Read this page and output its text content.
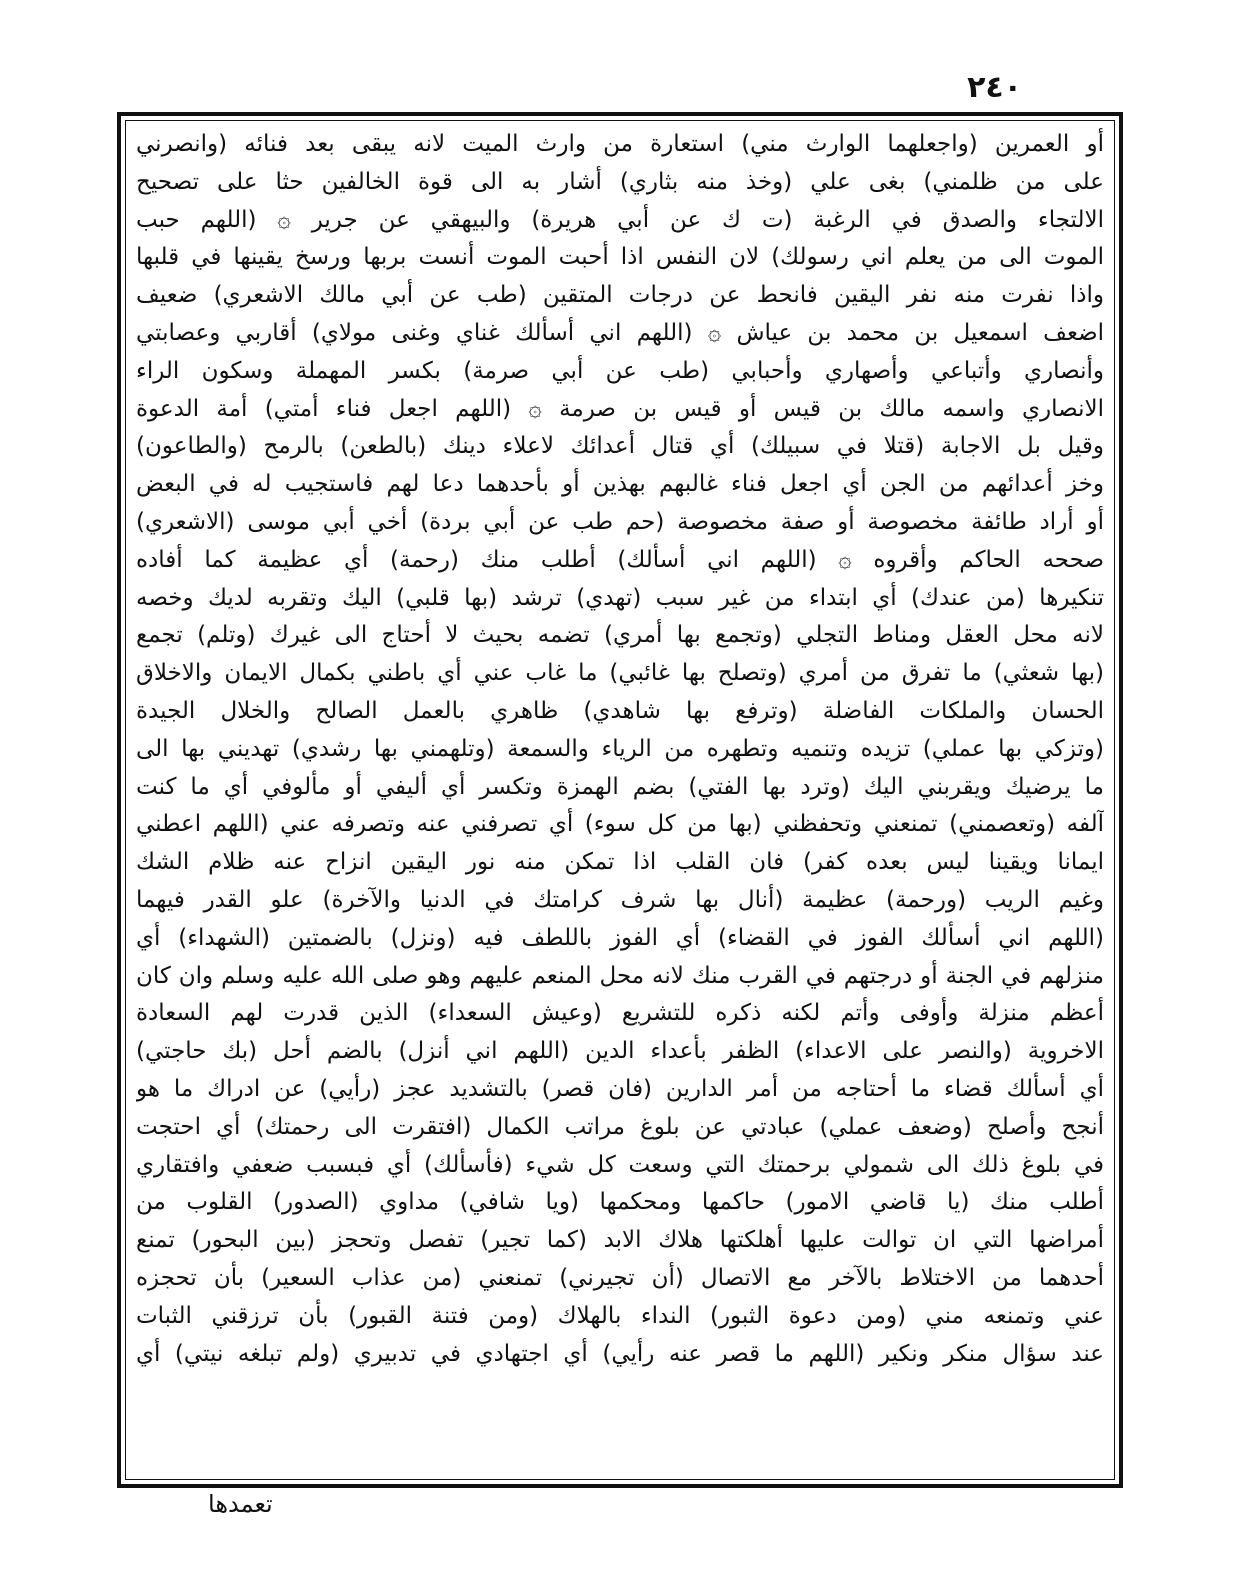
٢٤٠
أو العمرين (واجعلهما الوارث مني) استعارة من وارث الميت لانه يبقى بعد فنائه (وانصرني
على من ظلمني) بغى علي (وخذ منه بثاري) أشار به الى قوة الخالفين حثا على تصحيح
الالتجاء والصدق في الرغبة (ت ك عن أبي هريرة) والبيهقي عن جرير ۞ (اللهم حبب
الموت الى من يعلم اني رسولك) لان النفس اذا أحبت الموت أنست بربها ورسخ يقينها في قلبها
واذا نفرت منه نفر اليقين فانحط عن درجات المتقين (طب عن أبي مالك الاشعري) ضعيف
اضعف اسمعيل بن محمد بن عياش ۞ (اللهم اني أسألك غناي وغنى مولاي) أقاربي وعصابتي
وأنصاري وأتباعي وأصهاري وأحبابي (طب عن أبي صرمة) بكسر المهملة وسكون الراء
الانصاري واسمه مالك بن قيس أو قيس بن صرمة ۞ (اللهم اجعل فناء أمتي) أمة الدعوة
وقيل بل الاجابة (قتلا في سبيلك) أي قتال أعدائك لاعلاء دينك (بالطعن) بالرمح (والطاعون)
وخز أعدائهم من الجن أي اجعل فناء غالبهم بهذين أو بأحدهما دعا لهم فاستجيب له في البعض
أو أراد طائفة مخصوصة أو صفة مخصوصة (حم طب عن أبي بردة) أخي أبي موسى (الاشعري)
صححه الحاكم وأقروه ۞ (اللهم اني أسألك) أطلب منك (رحمة) أي عظيمة كما أفاده
تنكيرها (من عندك) أي ابتداء من غير سبب (تهدي) ترشد (بها قلبي) اليك وتقربه لديك وخصه
لانه محل العقل ومناط التجلي (وتجمع بها أمري) تضمه بحيث لا أحتاج الى غيرك (وتلم) تجمع
(بها شعثي) ما تفرق من أمري (وتصلح بها غائبي) ما غاب عني أي باطني بكمال الايمان والاخلاق
الحسان والملكات الفاضلة (وترفع بها شاهدي) ظاهري بالعمل الصالح والخلال الجيدة
(وتزكي بها عملي) تزيده وتنميه وتطهره من الرياء والسمعة (وتلهمني بها رشدي) تهديني بها الى
ما يرضيك ويقربني اليك (وترد بها الفتي) بضم الهمزة وتكسر أي أليفي أو مألوفي أي ما كنت
آلفه (وتعصمني) تمنعني وتحفظني (بها من كل سوء) أي تصرفني عنه وتصرفه عني (اللهم اعطني
ايمانا ويقينا ليس بعده كفر) فان القلب اذا تمكن منه نور اليقين انزاح عنه ظلام الشك
وغيم الريب (ورحمة) عظيمة (أنال بها شرف كرامتك في الدنيا والآخرة) علو القدر فيهما
(اللهم اني أسألك الفوز في القضاء) أي الفوز باللطف فيه (ونزل) بالضمتين (الشهداء) أي
منزلهم في الجنة أو درجتهم في القرب منك لانه محل المنعم عليهم وهو صلى الله عليه وسلم وان كان
أعظم منزلة وأوفى وأتم لكنه ذكره للتشريع (وعيش السعداء) الذين قدرت لهم السعادة
الاخروية (والنصر على الاعداء) الظفر بأعداء الدين (اللهم اني أنزل) بالضم أحل (بك حاجتي)
أي أسألك قضاء ما أحتاجه من أمر الدارين (فان قصر) بالتشديد عجز (رأيي) عن ادراك ما هو
أنجح وأصلح (وضعف عملي) عبادتي عن بلوغ مراتب الكمال (افتقرت الى رحمتك) أي احتجت
في بلوغ ذلك الى شمولي برحمتك التي وسعت كل شيء (فأسألك) أي فبسبب ضعفي وافتقاري
أطلب منك (يا قاضي الامور) حاكمها ومحكمها (ويا شافي) مداوي (الصدور) القلوب من
أمراضها التي ان توالت عليها أهلكتها هلاك الابد (كما تجير) تفصل وتحجز (بين البحور) تمنع
أحدهما من الاختلاط بالآخر مع الاتصال (أن تجيرني) تمنعني (من عذاب السعير) بأن تحجزه
عني وتمنعه مني (ومن دعوة الثبور) النداء بالهلاك (ومن فتنة القبور) بأن ترزقني الثبات
عند سؤال منكر ونكير (اللهم ما قصر عنه رأيي) أي اجتهادي في تدبيري (ولم تبلغه نيتي) أي
تعمدها
